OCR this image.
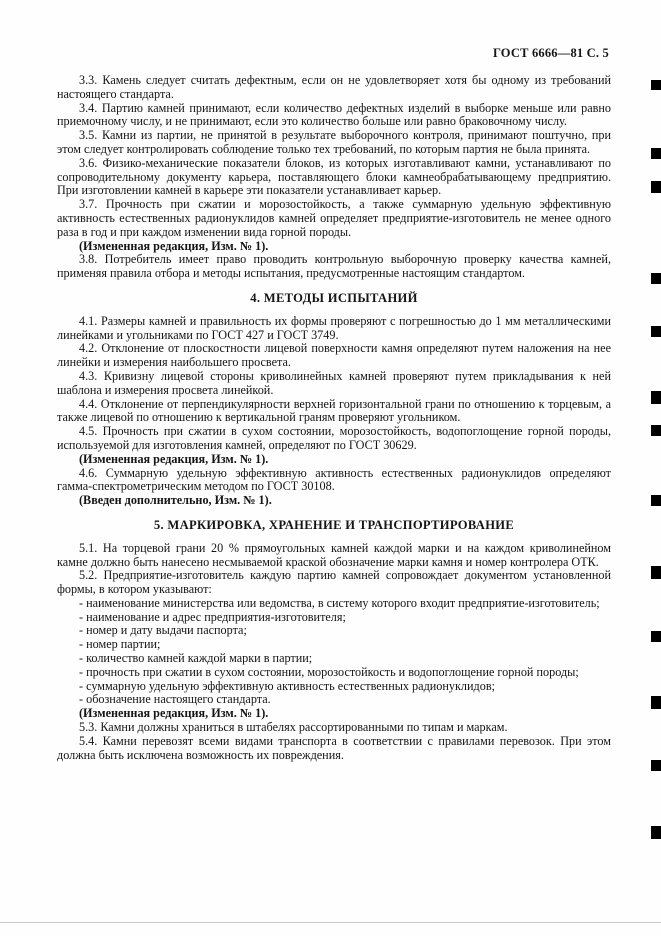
ГОСТ 6666—81 С. 5

3.3. Камень следует считать дефектным, если он не удовлетворяет хотя бы одному из требований настоящего стандарта.

3.4. Партию камней принимают, если количество дефектных изделий в выборке меньше или равно приемочному числу, и не принимают, если это количество больше или равно браковочному числу.

3.5. Камни из партии, не принятой в результате выборочного контроля, принимают поштучно, при этом следует контролировать соблюдение только тех требований, по которым партия не была принята.

3.6. Физико-механические показатели блоков, из которых изготавливают камни, устанавливают по сопроводительному документу карьера, поставляющего блоки камнеобрабатывающему предприятию. При изготовлении камней в карьере эти показатели устанавливает карьер.

3.7. Прочность при сжатии и морозостойкость, а также суммарную удельную эффективную активность естественных радионуклидов камней определяет предприятие-изготовитель не менее одного раза в год и при каждом изменении вида горной породы.

(Измененная редакция, Изм. № 1).

3.8. Потребитель имеет право проводить контрольную выборочную проверку качества камней, применяя правила отбора и методы испытания, предусмотренные настоящим стандартом.

4. МЕТОДЫ ИСПЫТАНИЙ

4.1. Размеры камней и правильность их формы проверяют с погрешностью до 1 мм металлическими линейками и угольниками по ГОСТ 427 и ГОСТ 3749.

4.2. Отклонение от плоскостности лицевой поверхности камня определяют путем наложения на нее линейки и измерения наибольшего просвета.

4.3. Кривизну лицевой стороны криволинейных камней проверяют путем прикладывания к ней шаблона и измерения просвета линейкой.

4.4. Отклонение от перпендикулярности верхней горизонтальной грани по отношению к торцевым, а также лицевой по отношению к вертикальной граням проверяют угольником.

4.5. Прочность при сжатии в сухом состоянии, морозостойкость, водопоглощение горной породы, используемой для изготовления камней, определяют по ГОСТ 30629.

(Измененная редакция, Изм. № 1).

4.6. Суммарную удельную эффективную активность естественных радионуклидов определяют гамма-спектрометрическим методом по ГОСТ 30108.

(Введен дополнительно, Изм. № 1).

5. МАРКИРОВКА, ХРАНЕНИЕ И ТРАНСПОРТИРОВАНИЕ

5.1. На торцевой грани 20 % прямоугольных камней каждой марки и на каждом криволинейном камне должно быть нанесено несмываемой краской обозначение марки камня и номер контролера ОТК.

5.2. Предприятие-изготовитель каждую партию камней сопровождает документом установленной формы, в котором указывают:

- наименование министерства или ведомства, в систему которого входит предприятие-изготовитель;

- наименование и адрес предприятия-изготовителя;

- номер и дату выдачи паспорта;

- номер партии;

- количество камней каждой марки в партии;

- прочность при сжатии в сухом состоянии, морозостойкость и водопоглощение горной породы;

- суммарную удельную эффективную активность естественных радионуклидов;

- обозначение настоящего стандарта.

(Измененная редакция, Изм. № 1).

5.3. Камни должны храниться в штабелях рассортированными по типам и маркам.

5.4. Камни перевозят всеми видами транспорта в соответствии с правилами перевозок. При этом должна быть исключена возможность их повреждения.
